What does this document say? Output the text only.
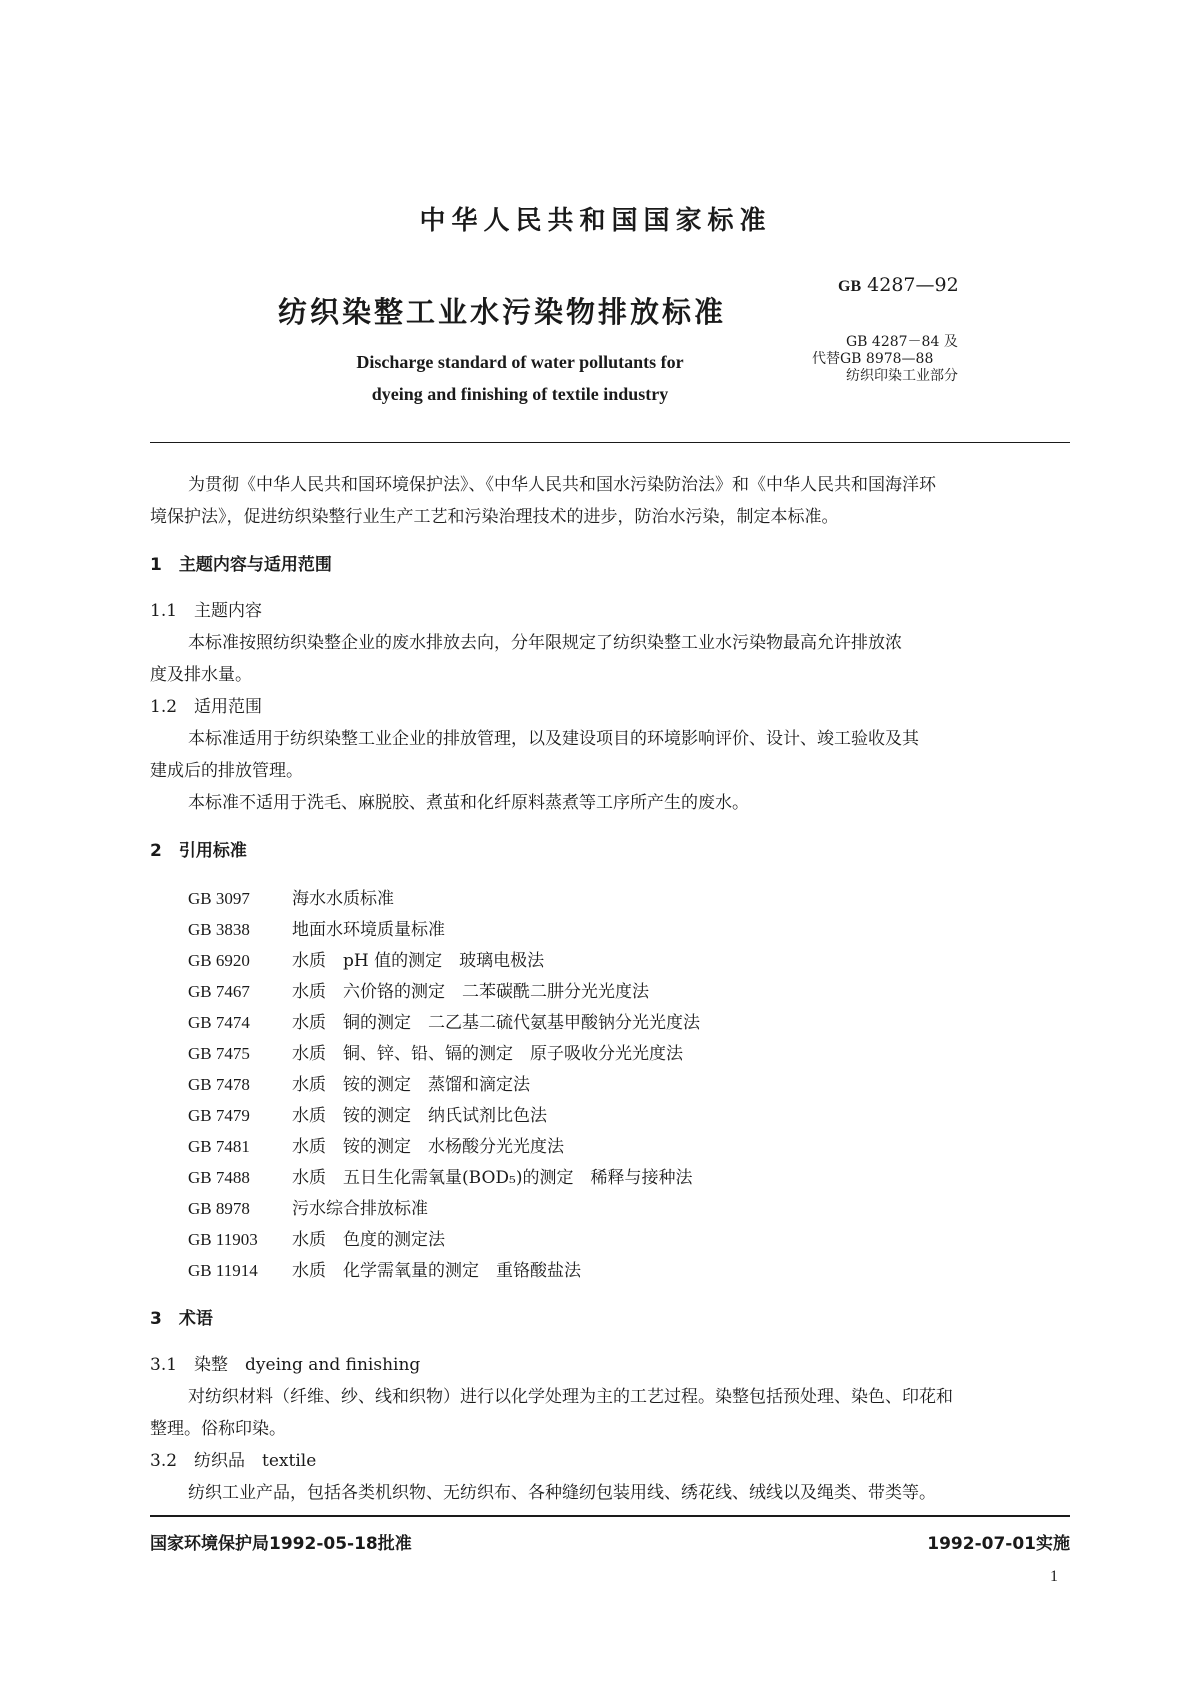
中华人民共和国国家标准
纺织染整工业水污染物排放标准
GB 4287—92
Discharge standard of water pollutants for
dyeing and finishing of textile industry
GB 4287－84 及
代替GB 8978—88
纺织印染工业部分
为贯彻《中华人民共和国环境保护法》、《中华人民共和国水污染防治法》和《中华人民共和国海洋环
境保护法》，促进纺织染整行业生产工艺和污染治理技术的进步，防治水污染，制定本标准。
1　主题内容与适用范围
1.1　主题内容
本标准按照纺织染整企业的废水排放去向，分年限规定了纺织染整工业水污染物最高允许排放浓
度及排水量。
1.2　适用范围
本标准适用于纺织染整工业企业的排放管理，以及建设项目的环境影响评价、设计、竣工验收及其
建成后的排放管理。
本标准不适用于洗毛、麻脱胶、煮茧和化纤原料蒸煮等工序所产生的废水。
2　引用标准
GB 3097 海水水质标准
GB 3838 地面水环境质量标准
GB 6920 水质　pH 值的测定　玻璃电极法
GB 7467 水质　六价铬的测定　二苯碳酰二肼分光光度法
GB 7474 水质　铜的测定　二乙基二硫代氨基甲酸钠分光光度法
GB 7475 水质　铜、锌、铅、镉的测定　原子吸收分光光度法
GB 7478 水质　铵的测定　蒸馏和滴定法
GB 7479 水质　铵的测定　纳氏试剂比色法
GB 7481 水质　铵的测定　水杨酸分光光度法
GB 7488 水质　五日生化需氧量(BOD₅)的测定　稀释与接种法
GB 8978 污水综合排放标准
GB 11903 水质　色度的测定法
GB 11914 水质　化学需氧量的测定　重铬酸盐法
3　术语
3.1　染整　dyeing and finishing
对纺织材料（纤维、纱、线和织物）进行以化学处理为主的工艺过程。染整包括预处理、染色、印花和
整理。俗称印染。
3.2　纺织品　textile
纺织工业产品，包括各类机织物、无纺织布、各种缝纫包装用线、绣花线、绒线以及绳类、带类等。
国家环境保护局1992-05-18批准	1992-07-01实施
1
